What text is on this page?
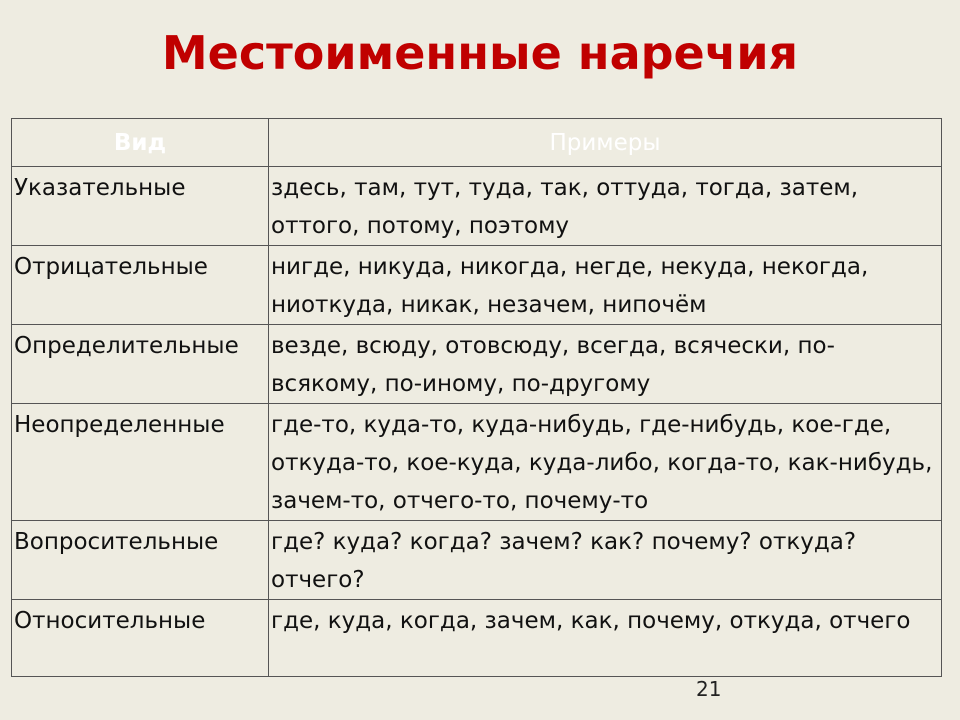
Местоименные наречия
Вид	Примеры
Указательные	здесь, там, тут, туда, так, оттуда, тогда, затем, оттого, потому, поэтому
Отрицательные	нигде, никуда, никогда, негде, некуда, некогда, ниоткуда, никак, незачем, нипочём
Определительные	везде, всюду, отовсюду, всегда, всячески, по-всякому, по-иному, по-другому
Неопределенные	где-то, куда-то, куда-нибудь, где-нибудь, кое-где, откуда-то, кое-куда, куда-либо, когда-то, как-нибудь, зачем-то, отчего-то, почему-то
Вопросительные	где? куда? когда? зачем? как? почему? откуда? отчего?
Относительные	где, куда, когда, зачем, как, почему, откуда, отчего
21
